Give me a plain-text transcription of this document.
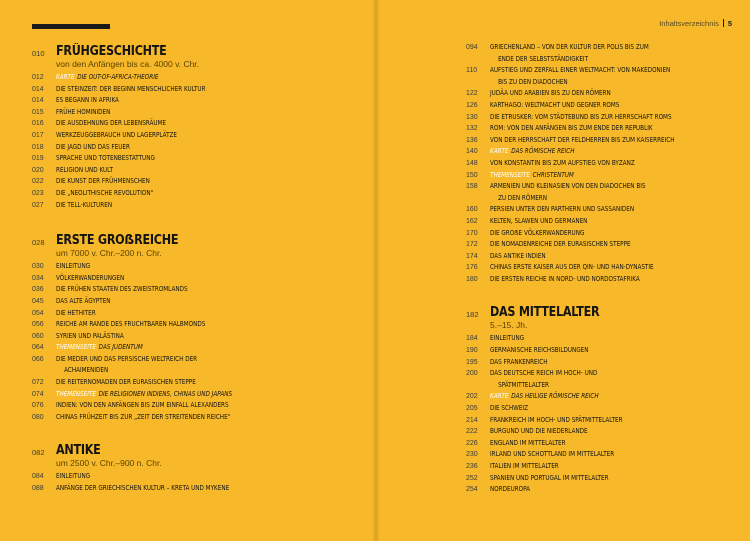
Inhaltsverzeichnis 5
010 FRÜHGESCHICHTE
von den Anfängen bis ca. 4000 v. Chr.
012	KARTE DIE OUT-OF-AFRICA-THEORIE
014	DIE STEINZEIT: DER BEGINN MENSCHLICHER KULTUR
014	ES BEGANN IN AFRIKA
015	FRÜHE HOMINIDEN
016	DIE AUSDEHNUNG DER LEBENSRÄUME
017	WERKZEUGGEBRAUCH UND LAGERPLÄTZE
018	DIE JAGD UND DAS FEUER
019	SPRACHE UND TOTENBESTATTUNG
020	RELIGION UND KULT
022	DIE KUNST DER FRÜHMENSCHEN
023	DIE „NEOLITHISCHE REVOLUTION“
027	DIE TELL-KULTUREN
028 ERSTE GROẞREICHE
um 7000 v. Chr.–200 n. Chr.
030	EINLEITUNG
034	VÖLKERWANDERUNGEN
036	DIE FRÜHEN STAATEN DES ZWEISTROMLANDS
045	DAS ALTE ÄGYPTEN
054	DIE HETHITER
056	REICHE AM RANDE DES FRUCHTBAREN HALBMONDS
060	SYRIEN UND PALÄSTINA
064	THEMENSEITE DAS JUDENTUM
066	DIE MEDER UND DAS PERSISCHE WELTREICH DER
ACHAIMENIDEN
072	DIE REITERNOMADEN DER EURASISCHEN STEPPE
074	THEMENSEITE DIE RELIGIONEN INDIENS, CHINAS UND JAPANS
076	INDIEN: VON DEN ANFÄNGEN BIS ZUM EINFALL ALEXANDERS
080	CHINAS FRÜHZEIT BIS ZUR „ZEIT DER STREITENDEN REICHE“
082 ANTIKE
um 2500 v. Chr.–900 n. Chr.
084	EINLEITUNG
088	ANFÄNGE DER GRIECHISCHEN KULTUR – KRETA UND MYKENE
094	GRIECHENLAND – VON DER KULTUR DER POLIS BIS ZUM
ENDE DER SELBSTSTÄNDIGKEIT
110	AUFSTIEG UND ZERFALL EINER WELTMACHT: VON MAKEDONIEN
BIS ZU DEN DIADOCHEN
122	JUDÄA UND ARABIEN BIS ZU DEN RÖMERN
126	KARTHAGO: WELTMACHT UND GEGNER ROMS
130	DIE ETRUSKER: VOM STÄDTEBUND BIS ZUR HERRSCHAFT ROMS
132	ROM: VON DEN ANFÄNGEN BIS ZUM ENDE DER REPUBLIK
136	VON DER HERRSCHAFT DER FELDHERREN BIS ZUM KAISERREICH
140	KARTE DAS RÖMISCHE REICH
148	VON KONSTANTIN BIS ZUM AUFSTIEG VON BYZANZ
150	THEMENSEITE CHRISTENTUM
158	ARMENIEN UND KLEINASIEN VON DEN DIADOCHEN BIS
ZU DEN RÖMERN
160	PERSIEN UNTER DEN PARTHERN UND SASSANIDEN
162	KELTEN, SLAWEN UND GERMANEN
170	DIE GROẞE VÖLKERWANDERUNG
172	DIE NOMADENREICHE DER EURASISCHEN STEPPE
174	DAS ANTIKE INDIEN
176	CHINAS ERSTE KAISER AUS DER QIN- UND HAN-DYNASTIE
180	DIE ERSTEN REICHE IN NORD- UND NORDOSTAFRIKA
182 DAS MITTELALTER
5.–15. Jh.
184	EINLEITUNG
190	GERMANISCHE REICHSBILDUNGEN
195	DAS FRANKENREICH
200	DAS DEUTSCHE REICH IM HOCH- UND
SPÄTMITTELALTER
202	KARTE DAS HEILIGE RÖMISCHE REICH
205	DIE SCHWEIZ
214	FRANKREICH IM HOCH- UND SPÄTMITTELALTER
222	BURGUND UND DIE NIEDERLANDE
226	ENGLAND IM MITTELALTER
230	IRLAND UND SCHOTTLAND IM MITTELALTER
236	ITALIEN IM MITTELALTER
252	SPANIEN UND PORTUGAL IM MITTELALTER
254	NORDEUROPA
